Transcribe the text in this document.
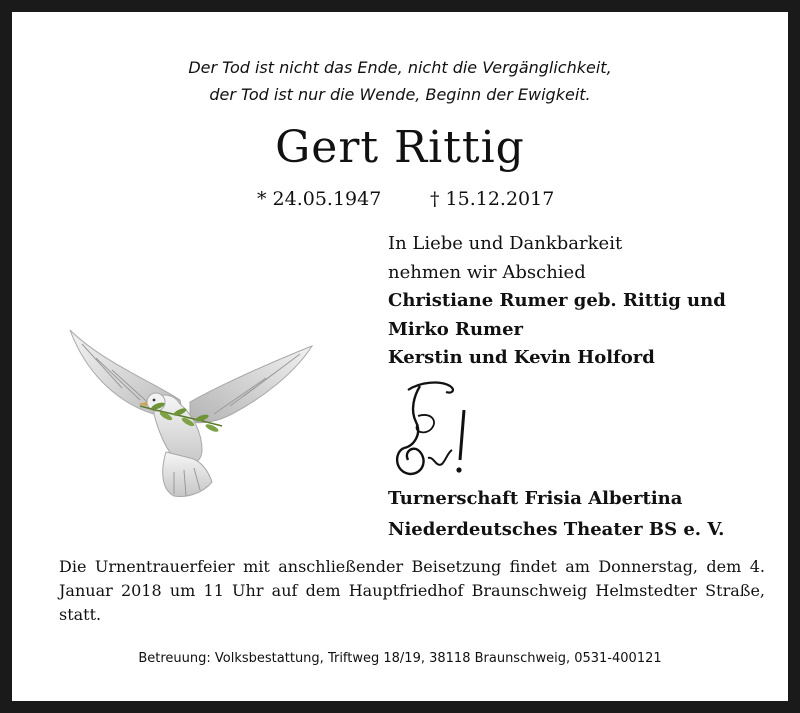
Der Tod ist nicht das Ende, nicht die Vergänglichkeit,
der Tod ist nur die Wende, Beginn der Ewigkeit.
Gert Rittig
* 24.05.1947	† 15.12.2017
In Liebe und Dankbarkeit
nehmen wir Abschied
Christiane Rumer geb. Rittig und
Mirko Rumer
Kerstin und Kevin Holford
Turnerschaft Frisia Albertina
Niederdeutsches Theater BS e. V.
Die Urnentrauerfeier mit anschließender Beisetzung findet am Donnerstag, dem 4. Januar 2018 um 11 Uhr auf dem Hauptfriedhof Braunschweig Helmstedter Straße, statt.
Betreuung: Volksbestattung, Triftweg 18/19, 38118 Braunschweig, 0531-400121
